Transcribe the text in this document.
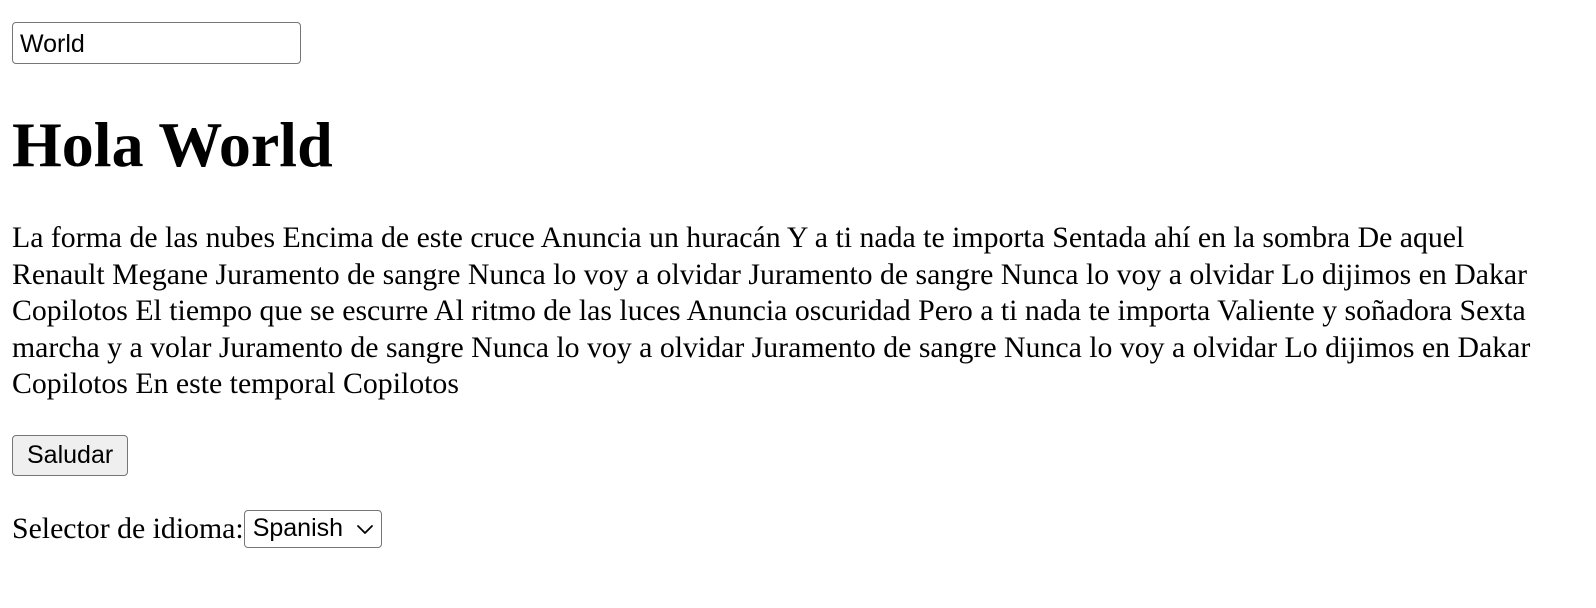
World
Hola World

La forma de las nubes Encima de este cruce Anuncia un huracán Y a ti nada te importa Sentada ahí en la sombra De aquel Renault Megane Juramento de sangre Nunca lo voy a olvidar Juramento de sangre Nunca lo voy a olvidar Lo dijimos en Dakar Copilotos El tiempo que se escurre Al ritmo de las luces Anuncia oscuridad Pero a ti nada te importa Valiente y soñadora Sexta marcha y a volar Juramento de sangre Nunca lo voy a olvidar Juramento de sangre Nunca lo voy a olvidar Lo dijimos en Dakar Copilotos En este temporal Copilotos

Saludar
Selector de idioma: Spanish
